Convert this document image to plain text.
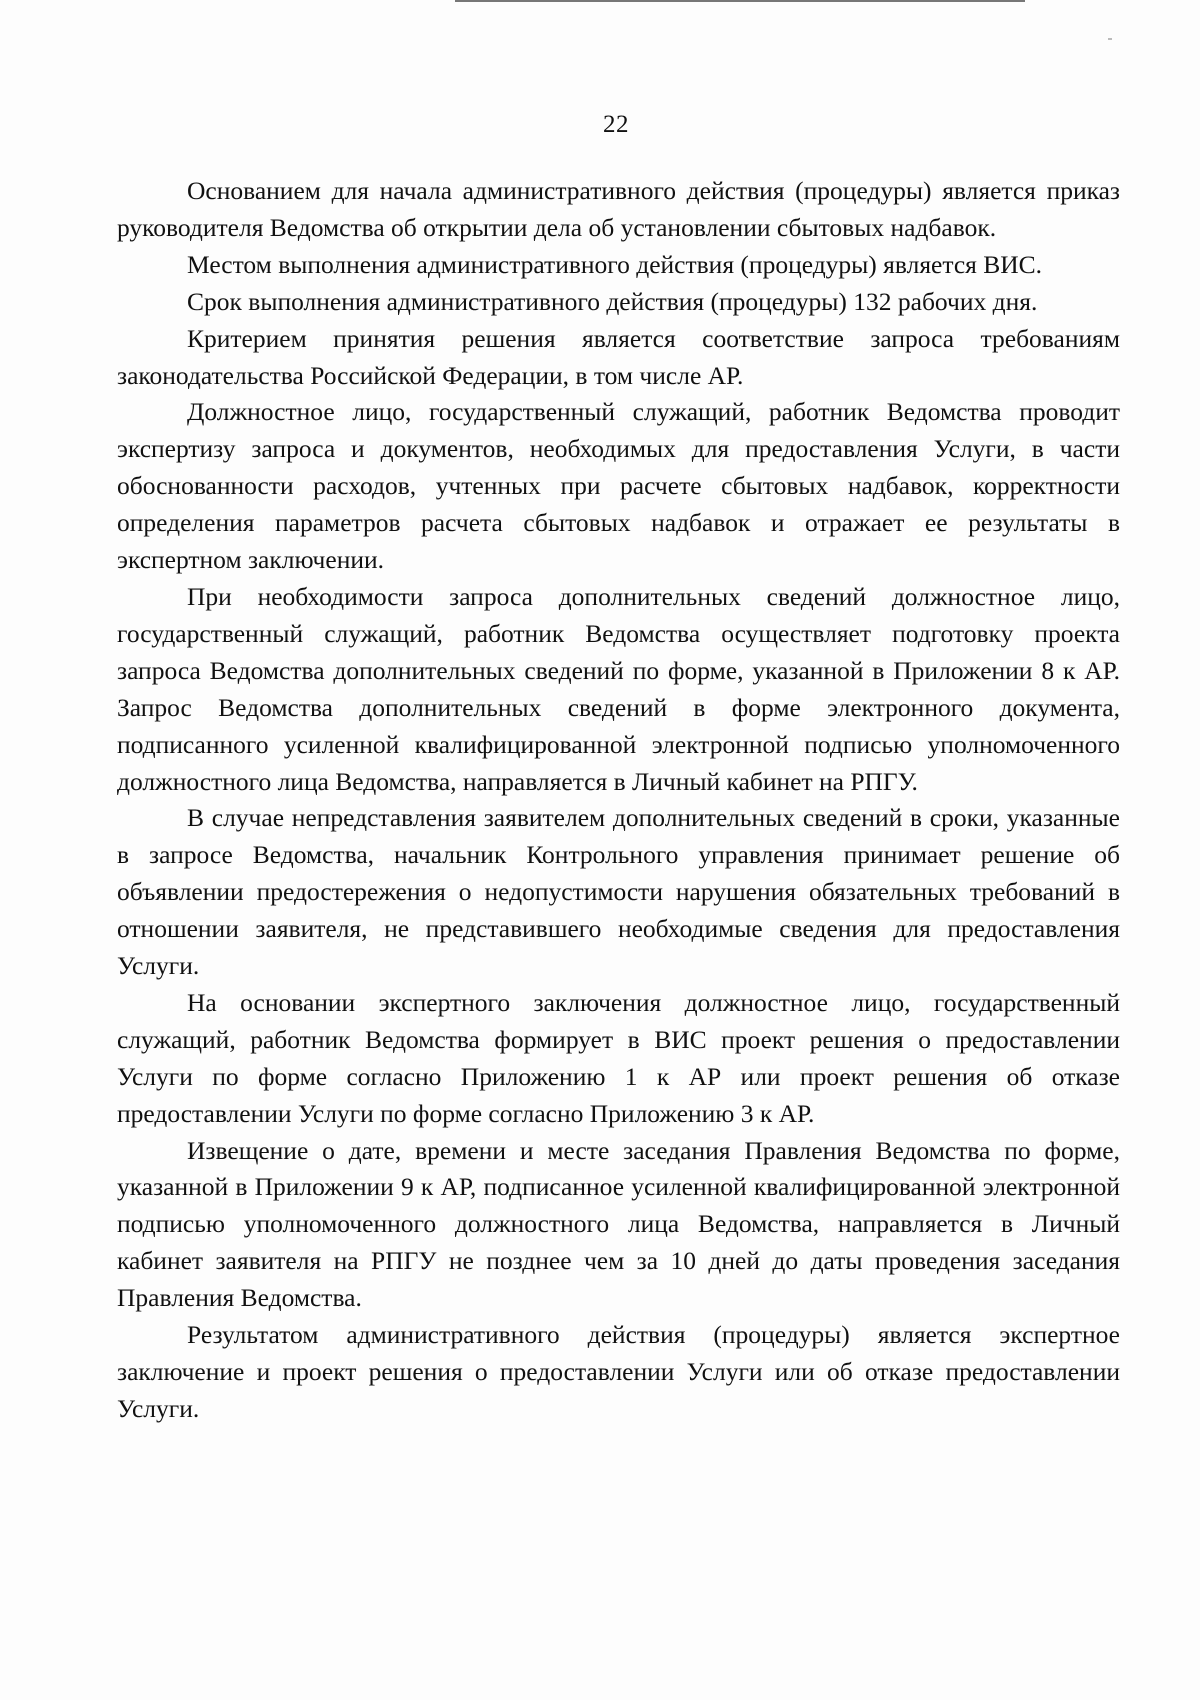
22

Основанием для начала административного действия (процедуры) является приказ руководителя Ведомства об открытии дела об установлении сбытовых надбавок.

Местом выполнения административного действия (процедуры) является ВИС.

Срок выполнения административного действия (процедуры) 132 рабочих дня.

Критерием принятия решения является соответствие запроса требованиям законодательства Российской Федерации, в том числе АР.

Должностное лицо, государственный служащий, работник Ведомства проводит экспертизу запроса и документов, необходимых для предоставления Услуги, в части обоснованности расходов, учтенных при расчете сбытовых надбавок, корректности определения параметров расчета сбытовых надбавок и отражает ее результаты в экспертном заключении.

При необходимости запроса дополнительных сведений должностное лицо, государственный служащий, работник Ведомства осуществляет подготовку проекта запроса Ведомства дополнительных сведений по форме, указанной в Приложении 8 к АР. Запрос Ведомства дополнительных сведений в форме электронного документа, подписанного усиленной квалифицированной электронной подписью уполномоченного должностного лица Ведомства, направляется в Личный кабинет на РПГУ.

В случае непредставления заявителем дополнительных сведений в сроки, указанные в запросе Ведомства, начальник Контрольного управления принимает решение об объявлении предостережения о недопустимости нарушения обязательных требований в отношении заявителя, не представившего необходимые сведения для предоставления Услуги.

На основании экспертного заключения должностное лицо, государственный служащий, работник Ведомства формирует в ВИС проект решения о предоставлении Услуги по форме согласно Приложению 1 к АР или проект решения об отказе предоставлении Услуги по форме согласно Приложению 3 к АР.

Извещение о дате, времени и месте заседания Правления Ведомства по форме, указанной в Приложении 9 к АР, подписанное усиленной квалифицированной электронной подписью уполномоченного должностного лица Ведомства, направляется в Личный кабинет заявителя на РПГУ не позднее чем за 10 дней до даты проведения заседания Правления Ведомства.

Результатом административного действия (процедуры) является экспертное заключение и проект решения о предоставлении Услуги или об отказе предоставлении Услуги.
